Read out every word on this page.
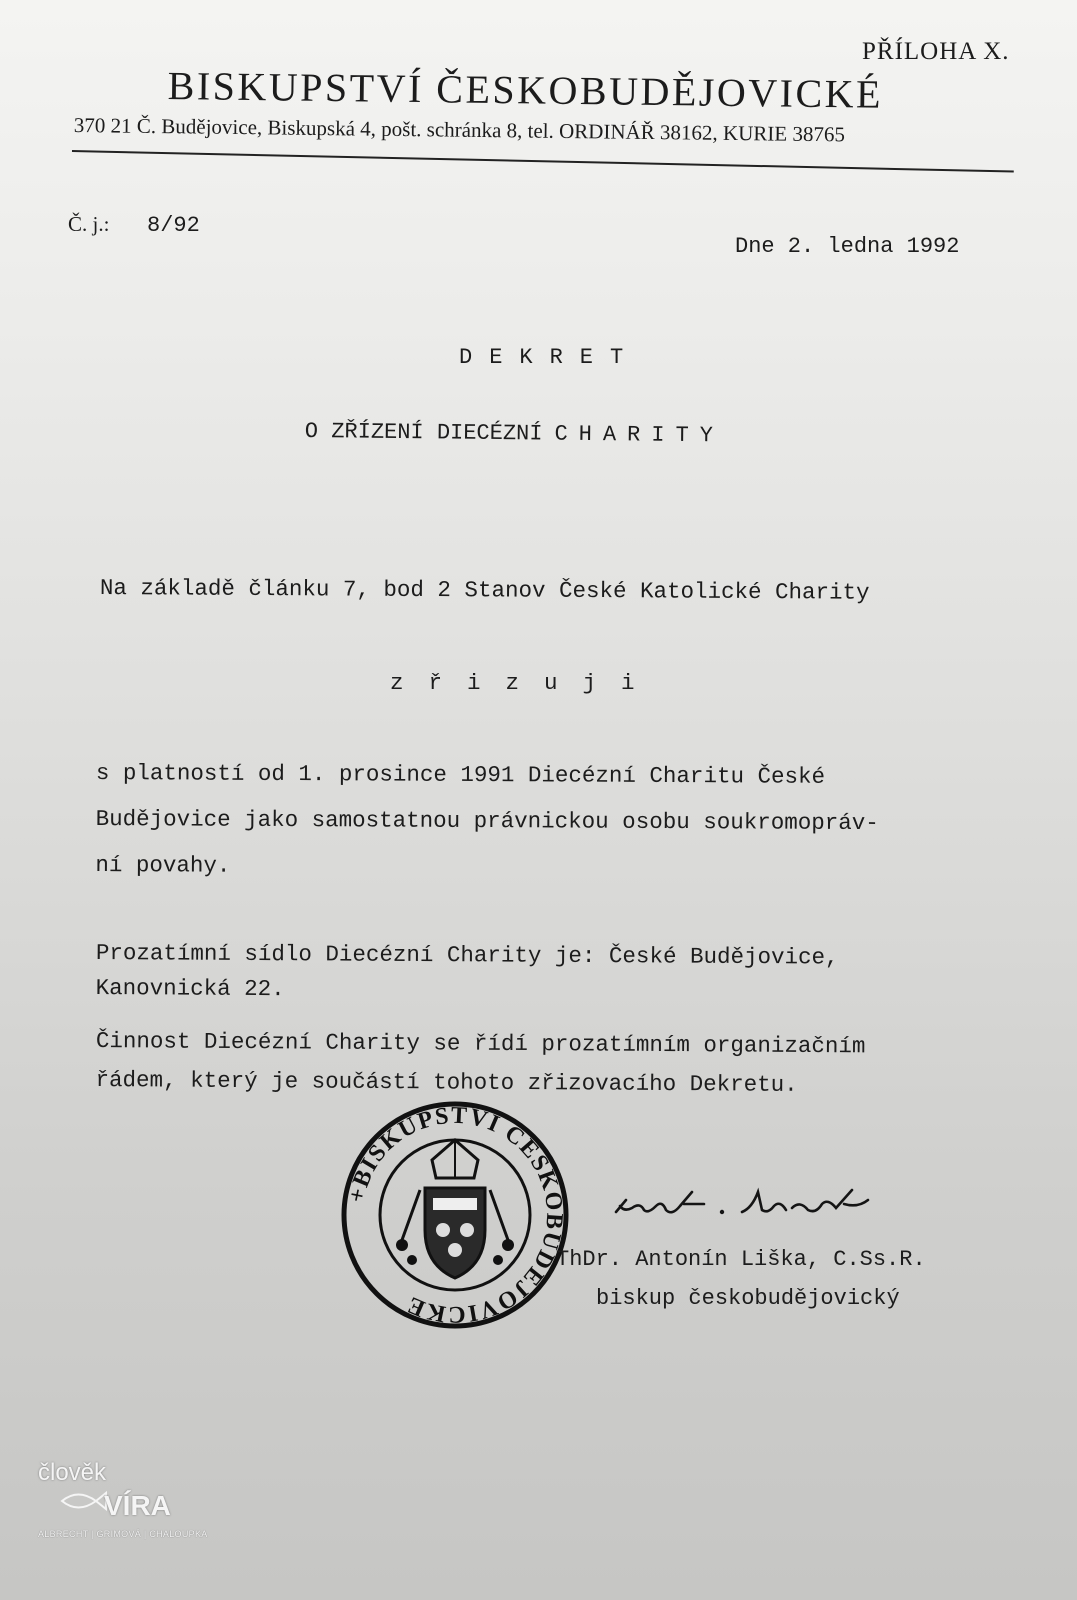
PŘÍLOHA X.
BISKUPSTVÍ ČESKOBUDĚJOVICKÉ
370 21 Č. Budějovice, Biskupská 4, pošt. schránka 8, tel. ORDINÁŘ 38162, KURIE 38765
Č. j.: 8/92
Dne 2. ledna 1992
DEKRET
O ZŘÍZENÍ DIECÉZNÍ CHARITY
Na základě článku 7, bod 2 Stanov České Katolické Charity
zřizuji
s platností od 1. prosince 1991 Diecézní Charitu České
Budějovice jako samostatnou právnickou osobu soukromopráv-
ní povahy.
Prozatímní sídlo Diecézní Charity je: České Budějovice,
Kanovnická 22.
Činnost Diecézní Charity se řídí prozatímním organizačním
řádem, který je součástí tohoto zřizovacího Dekretu.
+BISKUPSTVÍ ČESKOBUDĚJOVICKÉ
ThDr. Antonín Liška, C.Ss.R.
biskup českobudějovický
člověk
VÍRA
ALBRECHT | GRIMOVÁ | CHALOUPKA
